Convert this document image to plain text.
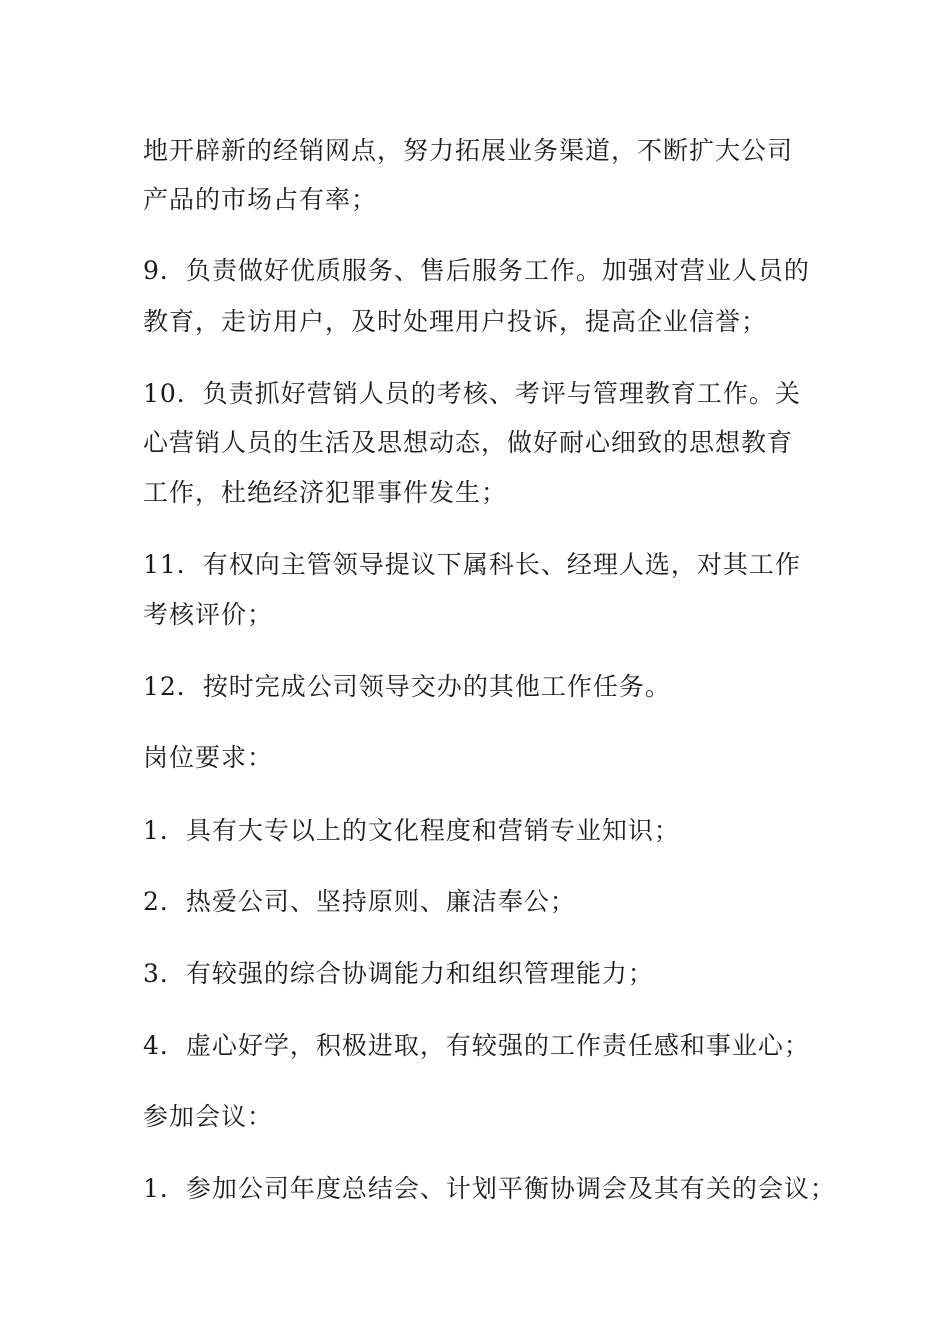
地开辟新的经销网点，努力拓展业务渠道，不断扩大公司
产品的市场占有率；
9．负责做好优质服务、售后服务工作。加强对营业人员的
教育，走访用户，及时处理用户投诉，提高企业信誉；
10．负责抓好营销人员的考核、考评与管理教育工作。关
心营销人员的生活及思想动态，做好耐心细致的思想教育
工作，杜绝经济犯罪事件发生；
11．有权向主管领导提议下属科长、经理人选，对其工作
考核评价；
12．按时完成公司领导交办的其他工作任务。
岗位要求：
1．具有大专以上的文化程度和营销专业知识；
2．热爱公司、坚持原则、廉洁奉公；
3．有较强的综合协调能力和组织管理能力；
4．虚心好学，积极进取，有较强的工作责任感和事业心；
参加会议：
1．参加公司年度总结会、计划平衡协调会及其有关的会议；
